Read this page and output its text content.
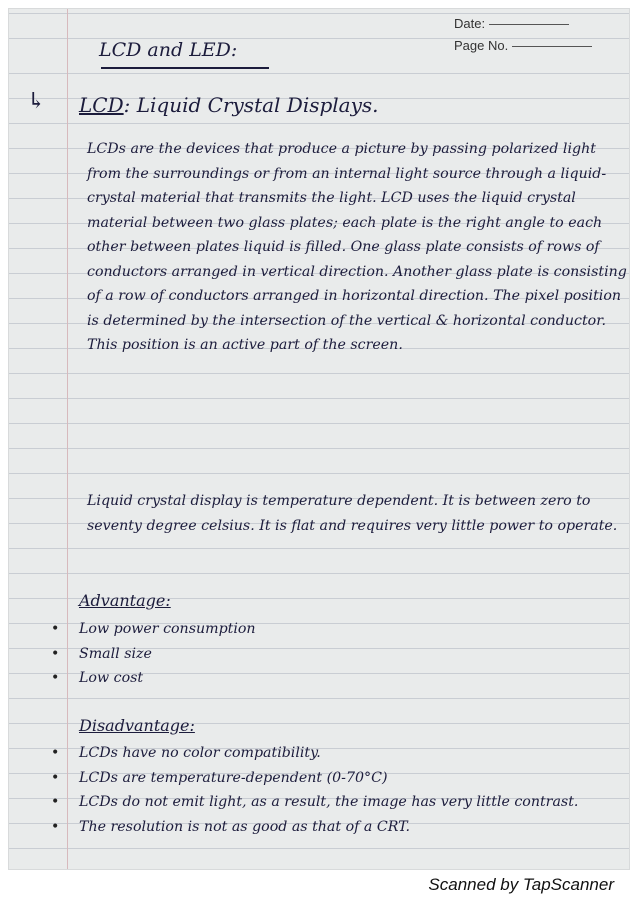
Date:
Page No.
LCD and LED:
↳ LCD: Liquid Crystal Displays.
LCDs are the devices that produce a picture by passing polarized light from the surroundings or from an internal light source through a liquid-crystal material that transmits the light. LCD uses the liquid crystal material between two glass plates; each plate is the right angle to each other between plates liquid is filled. One glass plate consists of rows of conductors arranged in vertical direction. Another glass plate is consisting of a row of conductors arranged in horizontal direction. The pixel position is determined by the intersection of the vertical & horizontal conductor. This position is an active part of the screen.
Liquid crystal display is temperature dependent. It is between zero to seventy degree celsius. It is flat and requires very little power to operate.
Advantage:
• Low power consumption
• Small size
• Low cost
Disadvantage:
• LCDs have no color compatibility.
• LCDs are temperature-dependent (0-70°C)
• LCDs do not emit light, as a result, the image has very little contrast.
• The resolution is not as good as that of a CRT.
Scanned by TapScanner
